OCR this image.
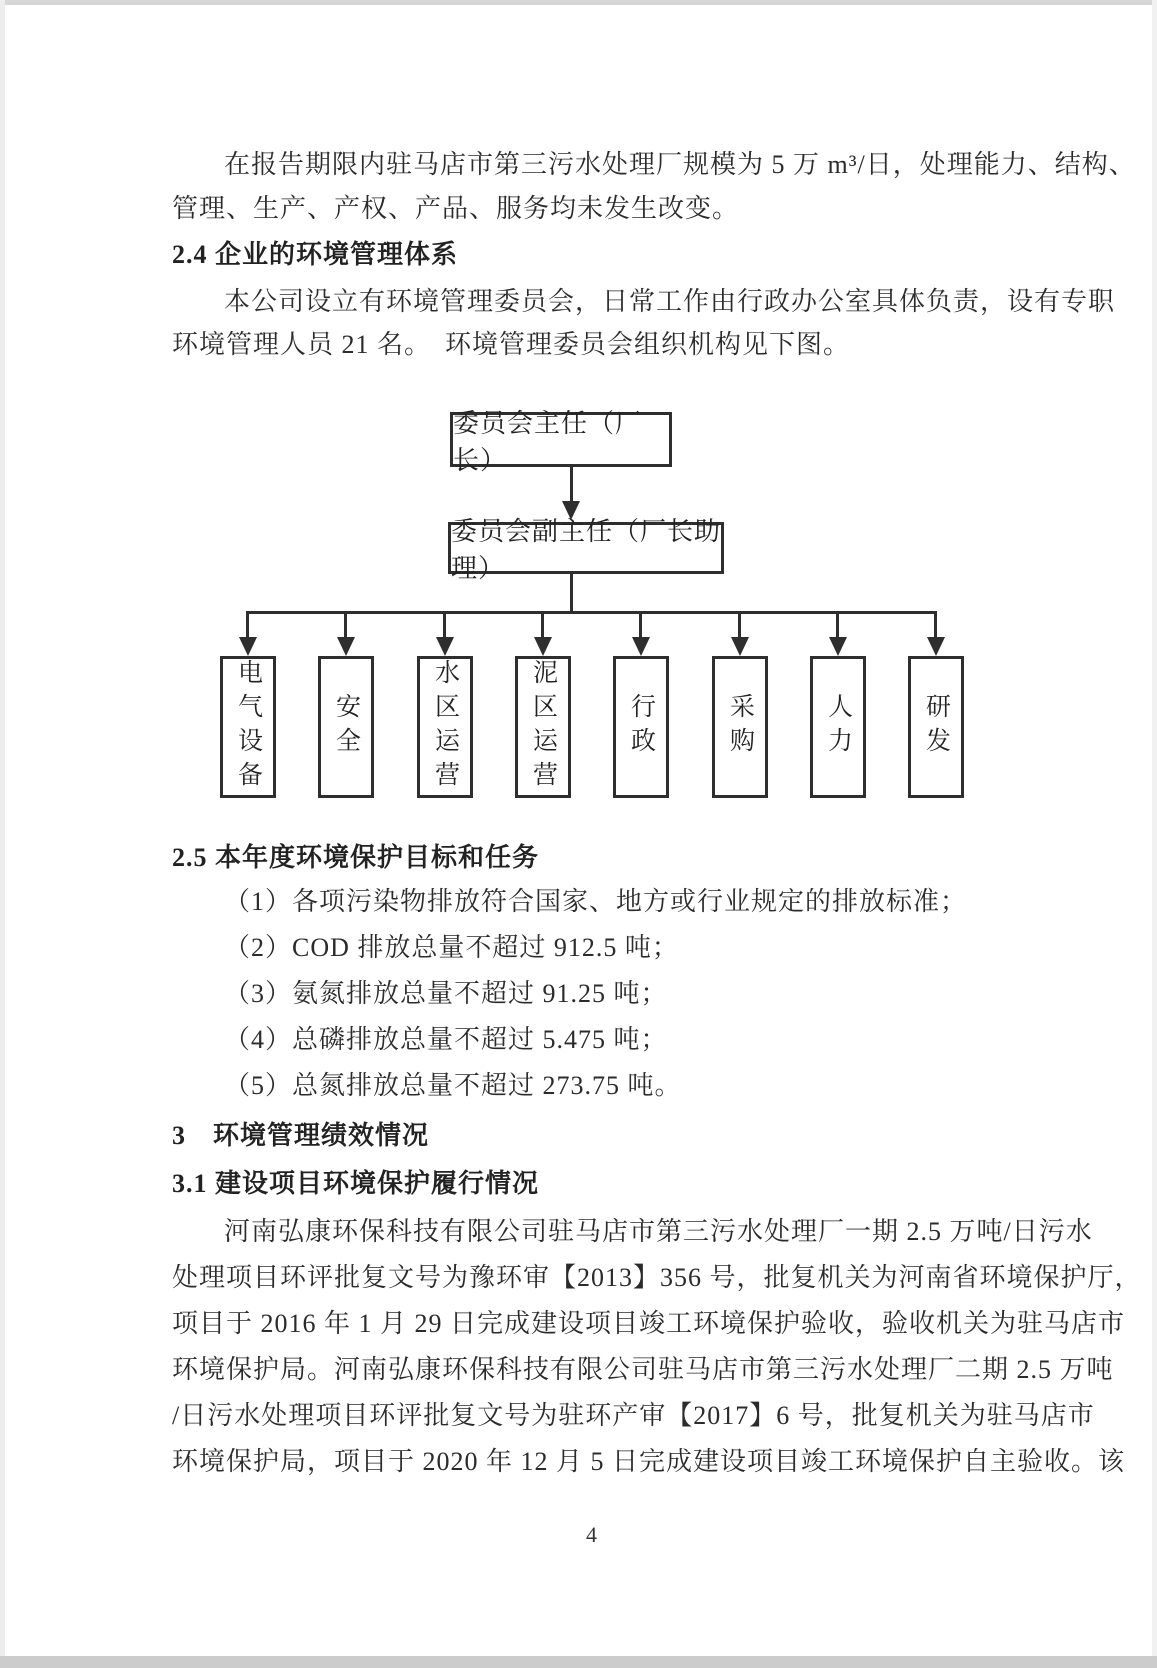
在报告期限内驻马店市第三污水处理厂规模为 5 万 m³/日，处理能力、结构、
管理、生产、产权、产品、服务均未发生改变。
2.4 企业的环境管理体系
本公司设立有环境管理委员会，日常工作由行政办公室具体负责，设有专职
环境管理人员 21 名。　环境管理委员会组织机构见下图。
委员会主任（厂长）
委员会副主任（厂长助理）
电气设备	安全	水区运营	泥区运营	行政	采购	人力	研发
2.5 本年度环境保护目标和任务
（1）各项污染物排放符合国家、地方或行业规定的排放标准；
（2）COD 排放总量不超过 912.5 吨；
（3）氨氮排放总量不超过 91.25 吨；
（4）总磷排放总量不超过 5.475 吨；
（5）总氮排放总量不超过 273.75 吨。
3　环境管理绩效情况
3.1 建设项目环境保护履行情况
河南弘康环保科技有限公司驻马店市第三污水处理厂一期 2.5 万吨/日污水
处理项目环评批复文号为豫环审【2013】356 号，批复机关为河南省环境保护厅，
项目于 2016 年 1 月 29 日完成建设项目竣工环境保护验收，验收机关为驻马店市
环境保护局。河南弘康环保科技有限公司驻马店市第三污水处理厂二期 2.5 万吨
/日污水处理项目环评批复文号为驻环产审【2017】6 号，批复机关为驻马店市
环境保护局，项目于 2020 年 12 月 5 日完成建设项目竣工环境保护自主验收。该
4
